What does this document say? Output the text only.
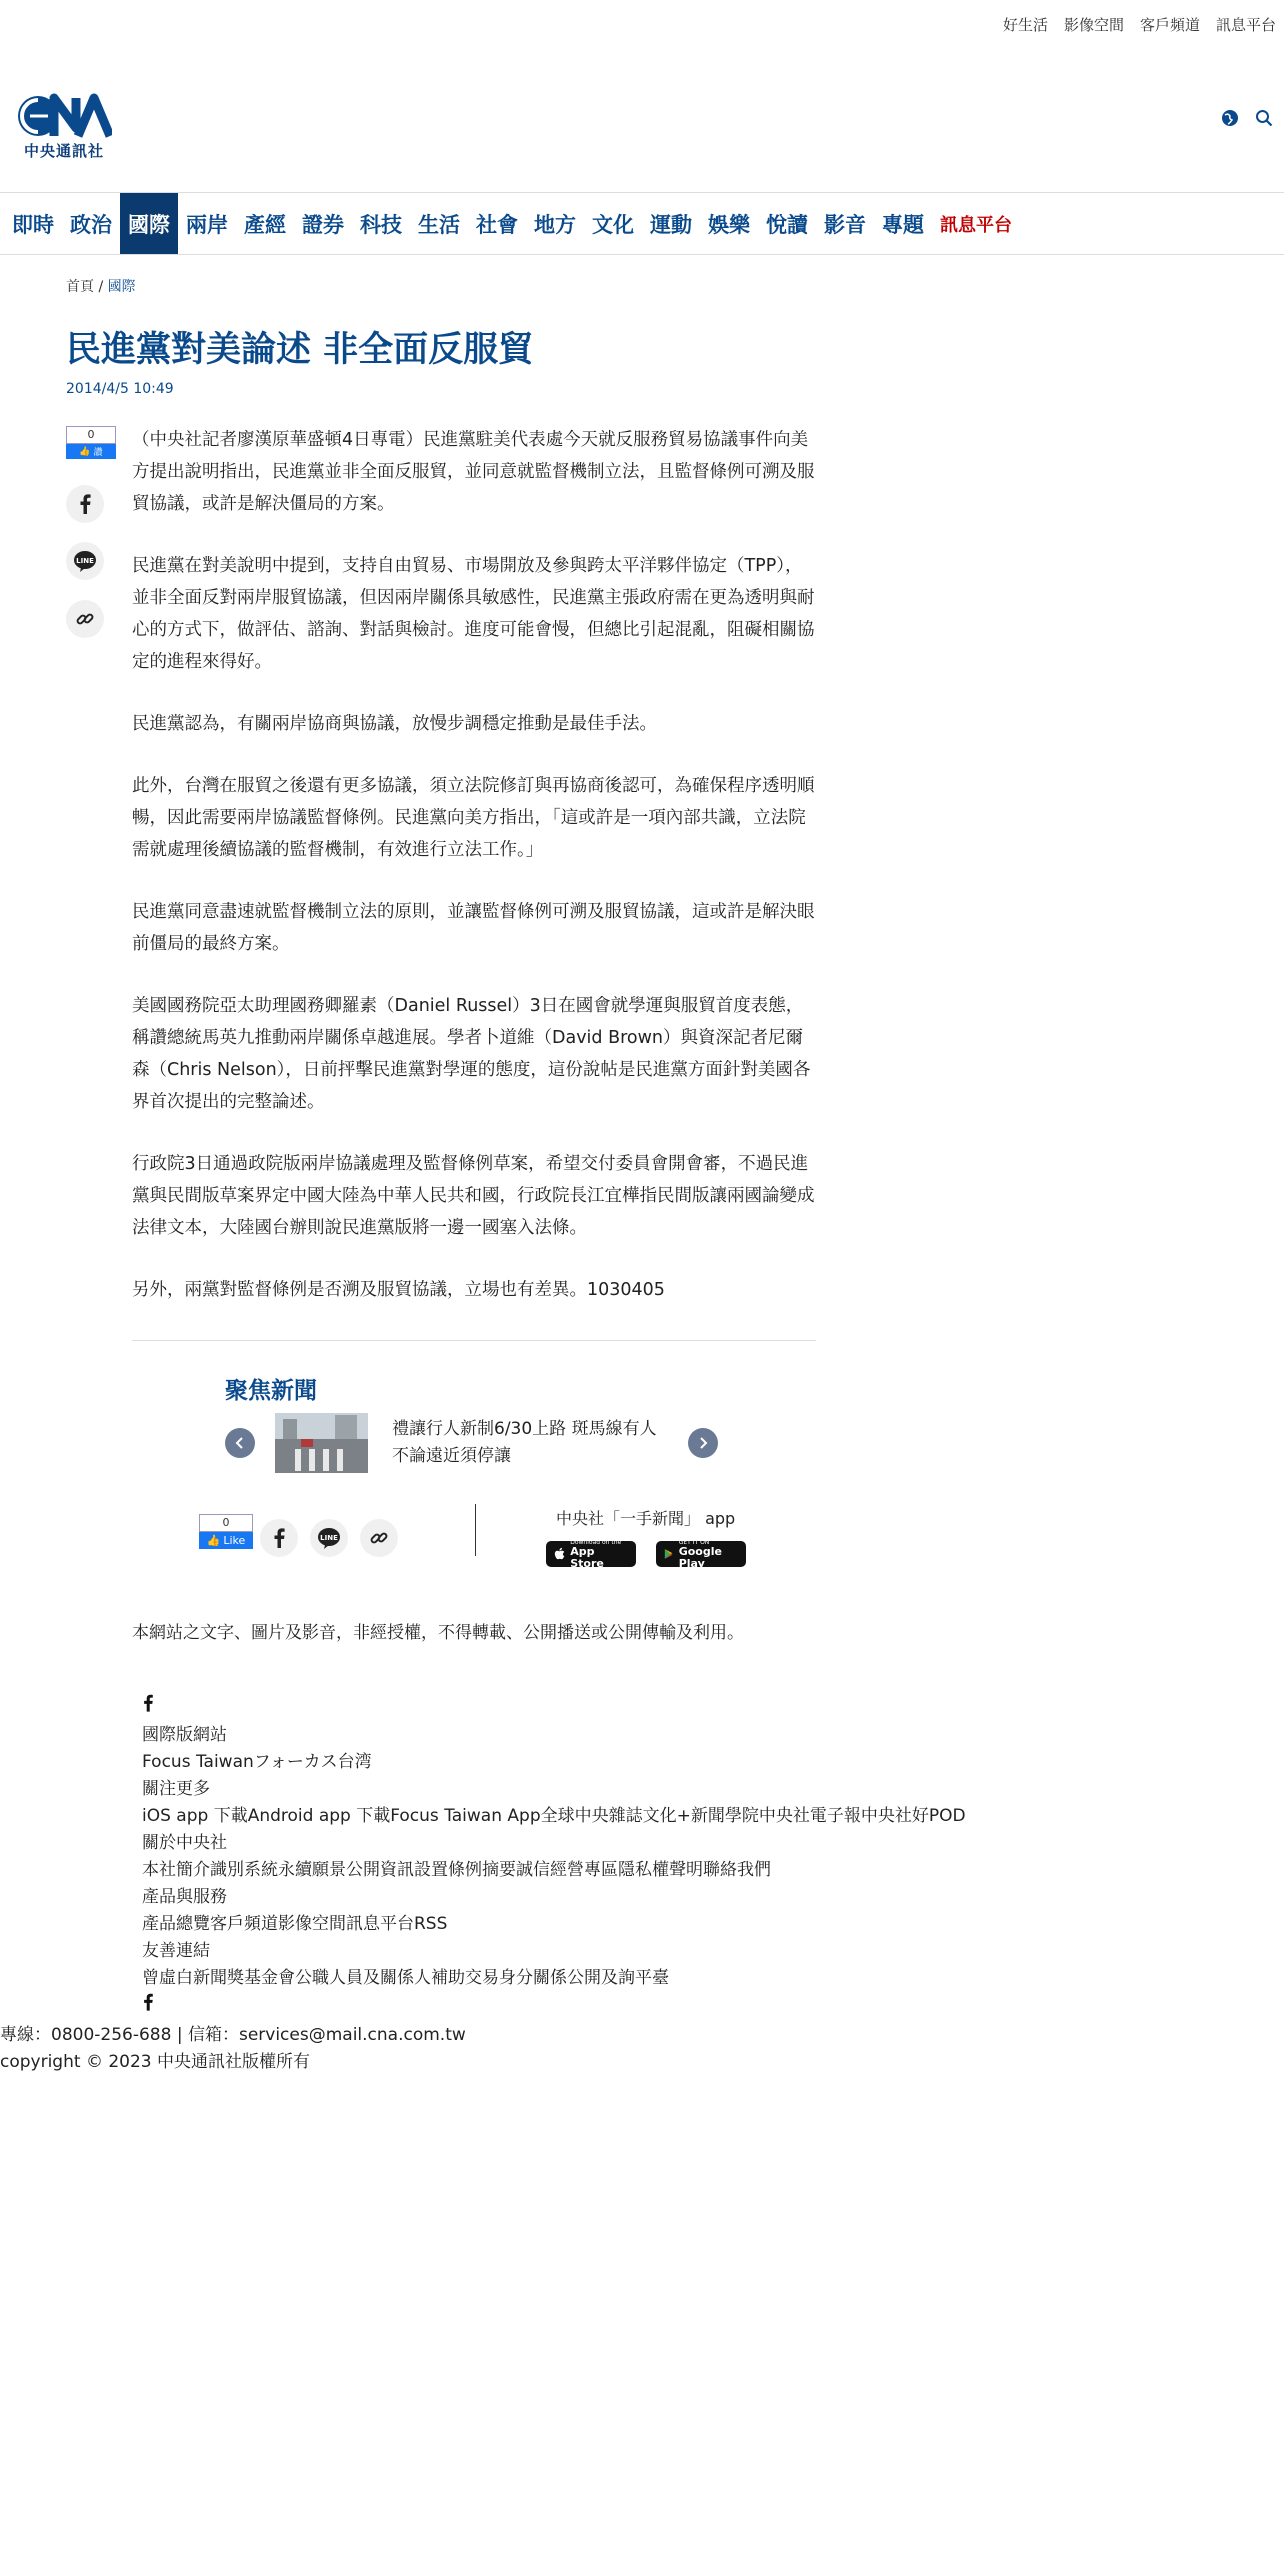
好生活 影像空間 客戶頻道 訊息平台
中央通訊社
即時 政治 國際 兩岸 產經 證券 科技 生活 社會 地方 文化 運動 娛樂 悅讀 影音 專題 訊息平台
首頁 / 國際
民進黨對美論述 非全面反服貿
2014/4/5 10:49
0
👍 讚
LINE

（中央社記者廖漢原華盛頓4日專電）民進黨駐美代表處今天就反服務貿易協議事件向美方提出說明指出，民進黨並非全面反服貿，並同意就監督機制立法，且監督條例可溯及服貿協議，或許是解決僵局的方案。

民進黨在對美說明中提到，支持自由貿易、市場開放及參與跨太平洋夥伴協定（TPP），並非全面反對兩岸服貿協議，但因兩岸關係具敏感性，民進黨主張政府需在更為透明與耐心的方式下，做評估、諮詢、對話與檢討。進度可能會慢，但總比引起混亂，阻礙相關協定的進程來得好。

民進黨認為，有關兩岸協商與協議，放慢步調穩定推動是最佳手法。

此外，台灣在服貿之後還有更多協議，須立法院修訂與再協商後認可，為確保程序透明順暢，因此需要兩岸協議監督條例。民進黨向美方指出，「這或許是一項內部共識，立法院需就處理後續協議的監督機制，有效進行立法工作。」

民進黨同意盡速就監督機制立法的原則，並讓監督條例可溯及服貿協議，這或許是解決眼前僵局的最終方案。

美國國務院亞太助理國務卿羅素（Daniel Russel）3日在國會就學運與服貿首度表態，稱讚總統馬英九推動兩岸關係卓越進展。學者卜道維（David Brown）與資深記者尼爾森（Chris Nelson），日前抨擊民進黨對學運的態度，這份說帖是民進黨方面針對美國各界首次提出的完整論述。

行政院3日通過政院版兩岸協議處理及監督條例草案，希望交付委員會開會審，不過民進黨與民間版草案界定中國大陸為中華人民共和國，行政院長江宜樺指民間版讓兩國論變成法律文本，大陸國台辦則說民進黨版將一邊一國塞入法條。

另外，兩黨對監督條例是否溯及服貿協議，立場也有差異。1030405

聚焦新聞
禮讓行人新制6/30上路 斑馬線有人不論遠近須停讓
0
👍 Like	LINE
中央社「一手新聞」 app
Download on the
App Store
GET IT ON
Google Play
本網站之文字、圖片及影音，非經授權，不得轉載、公開播送或公開傳輸及利用。
國際版網站
Focus Taiwanフォーカス台湾
關注更多
iOS app 下載Android app 下載Focus Taiwan App全球中央雜誌文化+新聞學院中央社電子報中央社好POD
關於中央社
本社簡介識別系統永續願景公開資訊設置條例摘要誠信經營專區隱私權聲明聯絡我們
產品與服務
產品總覽客戶頻道影像空間訊息平台RSS
友善連結
曾虛白新聞獎基金會公職人員及關係人補助交易身分關係公開及詢平臺
專線：0800-256-688 | 信箱：services@mail.cna.com.tw
copyright © 2023 中央通訊社版權所有
